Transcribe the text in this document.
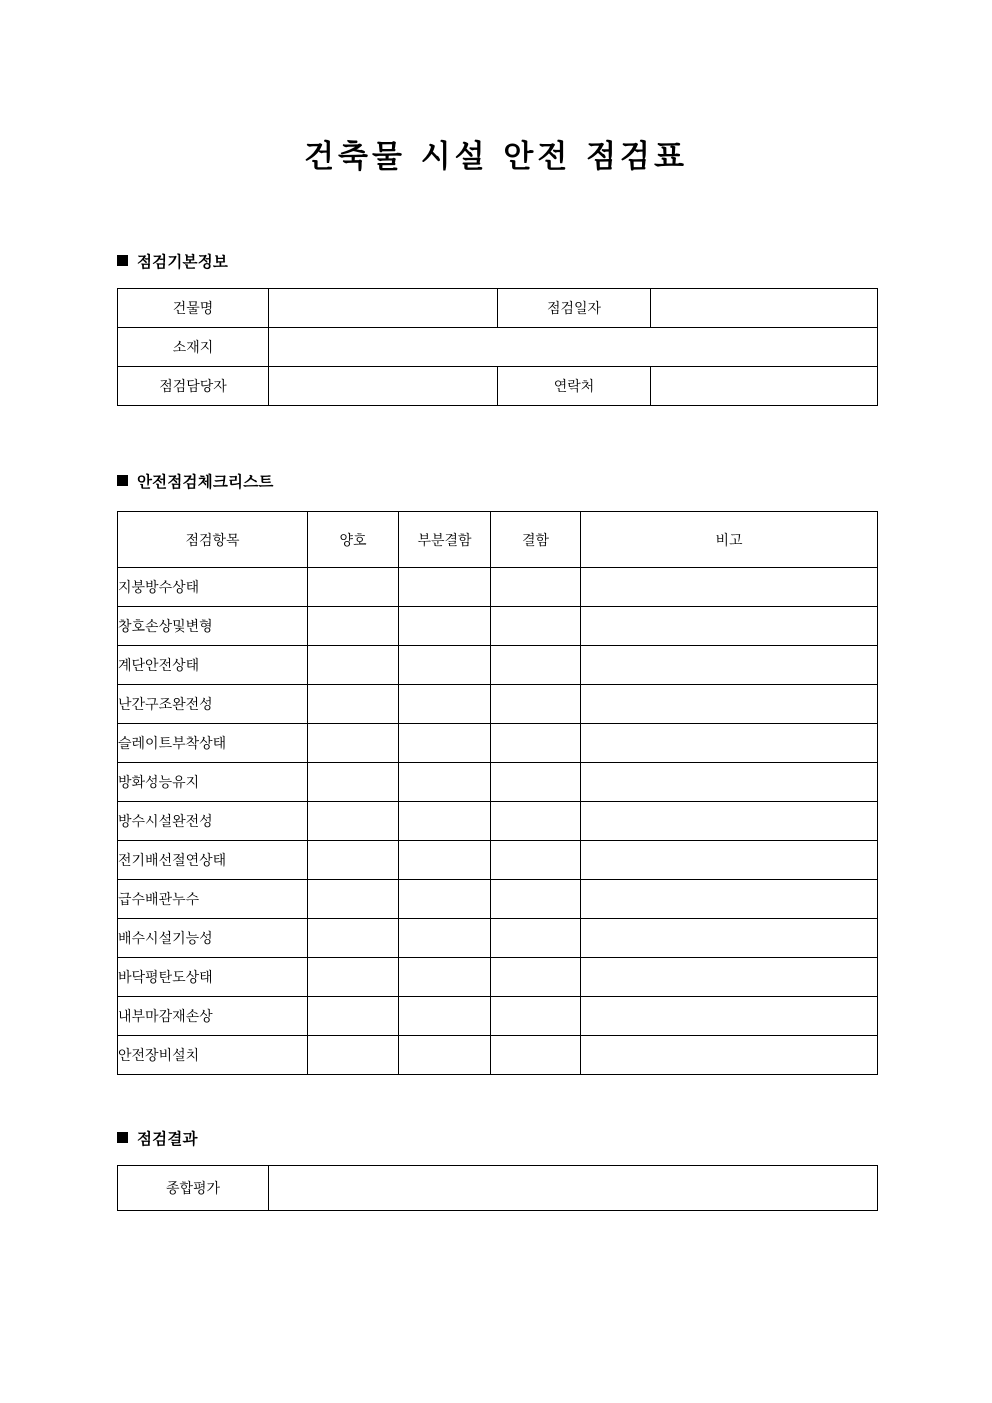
건축물 시설 안전 점검표
점검기본정보
건물명		점검일자	
소재지			
점검담당자		연락처	
안전점검체크리스트
점검항목	양호	부분결함	결함	비고
지붕방수상태				
창호손상및변형				
계단안전상태				
난간구조완전성				
슬레이트부착상태				
방화성능유지				
방수시설완전성				
전기배선절연상태				
급수배관누수				
배수시설기능성				
바닥평탄도상태				
내부마감재손상				
안전장비설치				
점검결과
종합평가	
